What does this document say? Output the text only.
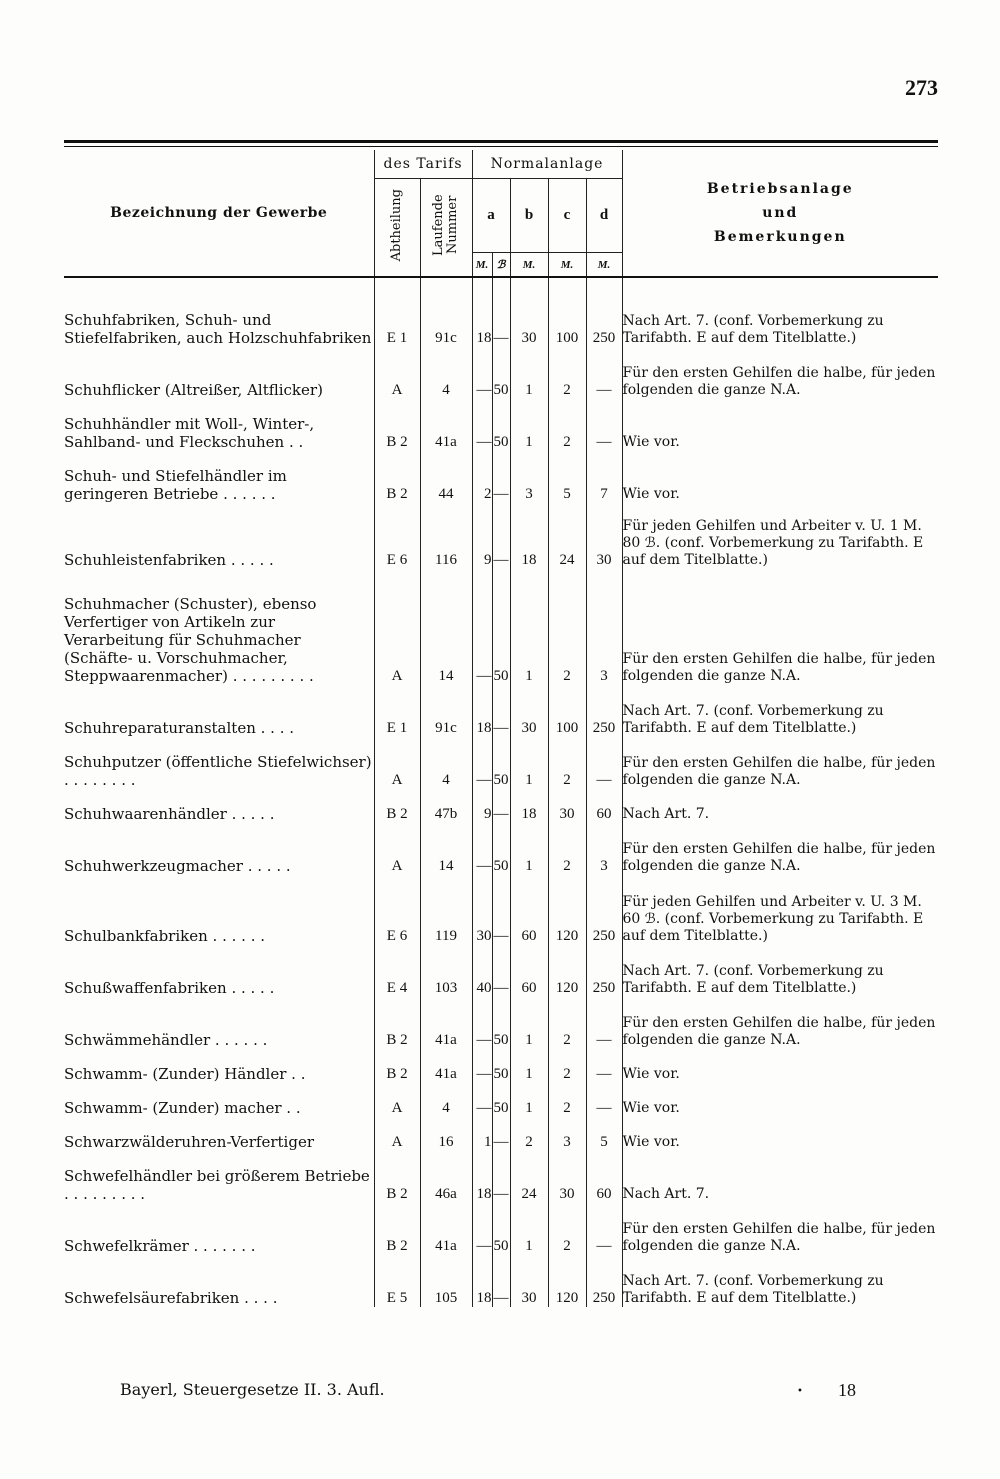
273
Bezeichnung der Gewerbe	des Tarifs		Normalanlage					Betriebsanlage
und
Bemerkungen

	Abtheilung	Laufende Nummer	a		b	c	d	
			M.	ℬ	M.	M.	M.	
Schuhfabriken, Schuh- und Stiefelfabriken, auch Holzschuhfabriken	E 1	91c	18	—	30	100	250	Nach Art. 7. (conf. Vorbemerkung zu Tarifabth. E auf dem Titelblatte.)
Schuhflicker (Altreißer, Altflicker)	A	4	—	50	1	2	—	Für den ersten Gehilfen die halbe, für jeden folgenden die ganze N.A.
Schuhhändler mit Woll-, Winter-, Sahlband- und Fleckschuhen . .	B 2	41a	—	50	1	2	—	Wie vor.
Schuh- und Stiefelhändler im geringeren Betriebe . . . . . .	B 2	44	2	—	3	5	7	Wie vor.
Schuhleistenfabriken . . . . .	E 6	116	9	—	18	24	30	Für jeden Gehilfen und Arbeiter v. U. 1 M. 80 ℬ. (conf. Vorbemerkung zu Tarifabth. E auf dem Titelblatte.)
Schuhmacher (Schuster), ebenso Verfertiger von Artikeln zur Verarbeitung für Schuhmacher (Schäfte- u. Vorschuhmacher, Steppwaarenmacher) . . . . . . . . .	A	14	—	50	1	2	3	Für den ersten Gehilfen die halbe, für jeden folgenden die ganze N.A.
Schuhreparaturanstalten . . . .	E 1	91c	18	—	30	100	250	Nach Art. 7. (conf. Vorbemerkung zu Tarifabth. E auf dem Titelblatte.)
Schuhputzer (öffentliche Stiefelwichser) . . . . . . . .	A	4	—	50	1	2	—	Für den ersten Gehilfen die halbe, für jeden folgenden die ganze N.A.
Schuhwaarenhändler . . . . .	B 2	47b	9	—	18	30	60	Nach Art. 7.
Schuhwerkzeugmacher . . . . .	A	14	—	50	1	2	3	Für den ersten Gehilfen die halbe, für jeden folgenden die ganze N.A.
Schulbankfabriken . . . . . .	E 6	119	30	—	60	120	250	Für jeden Gehilfen und Arbeiter v. U. 3 M. 60 ℬ. (conf. Vorbemerkung zu Tarifabth. E auf dem Titelblatte.)
Schußwaffenfabriken . . . . .	E 4	103	40	—	60	120	250	Nach Art. 7. (conf. Vorbemerkung zu Tarifabth. E auf dem Titelblatte.)
Schwämmehändler . . . . . .	B 2	41a	—	50	1	2	—	Für den ersten Gehilfen die halbe, für jeden folgenden die ganze N.A.
Schwamm- (Zunder) Händler . .	B 2	41a	—	50	1	2	—	Wie vor.
Schwamm- (Zunder) macher . .	A	4	—	50	1	2	—	Wie vor.
Schwarzwälderuhren-Verfertiger	A	16	1	—	2	3	5	Wie vor.
Schwefelhändler bei größerem Betriebe . . . . . . . . .	B 2	46a	18	—	24	30	60	Nach Art. 7.
Schwefelkrämer . . . . . . .	B 2	41a	—	50	1	2	—	Für den ersten Gehilfen die halbe, für jeden folgenden die ganze N.A.
Schwefelsäurefabriken . . . .	E 5	105	18	—	30	120	250	Nach Art. 7. (conf. Vorbemerkung zu Tarifabth. E auf dem Titelblatte.)
Bayerl, Steuergesetze II. 3. Aufl.	• 18
